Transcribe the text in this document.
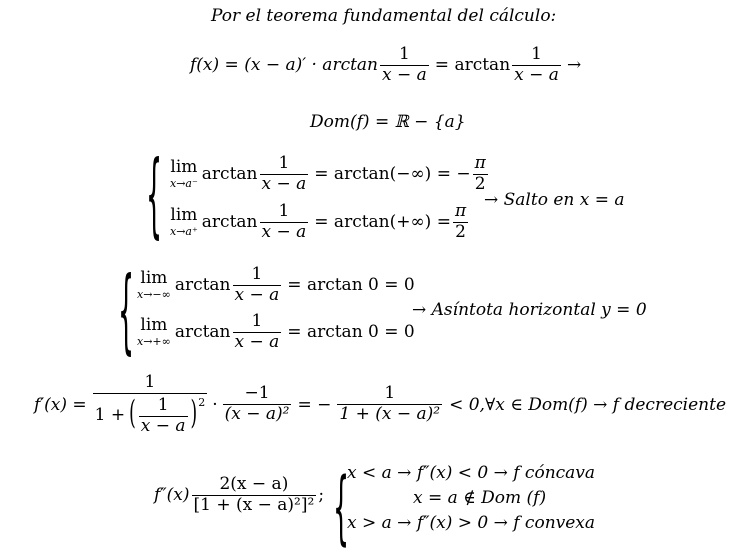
Por el teorema fundamental del cálculo:
$f(x) = (x - a)' \cdot \arctan \frac{1}{x - a} = \arctan \frac{1}{x - a}$ →
Dom(f) = ℝ − {a}
{ lim
x→a⁻ $\arctan \frac{1}{x - a} = \arctan(-\infty)$ = − $\frac{\pi}{2}$
lim
x→a⁺ $\arctan \frac{1}{x - a} = \arctan(+\infty) = \frac{\pi}{2}$
→ Salto en x = a
{ lim
x→−∞ $\arctan \frac{1}{x - a} = \arctan 0 = 0$
lim
x→+∞ $\arctan \frac{1}{x - a} = \arctan 0 = 0$
→ Asíntota horizontal y = 0
f′(x) =
1
1 + ( $\frac{1}{x - a}$ ) $2 \cdot \frac{-1}{\text{(x − a)²}}$ = − $\frac{1}{\text{1 + (x − a)²}}$ < 0,∀x ∈ Dom(f) → f decreciente
$f''(x) \frac{2(x - a)}{\text{[1 + (x − a)²]²}}$ ; {
x < a → f″(x) < 0 → f cóncava
x = a ∉ Dom (f)
x > a → f″(x) > 0 → f convexa
